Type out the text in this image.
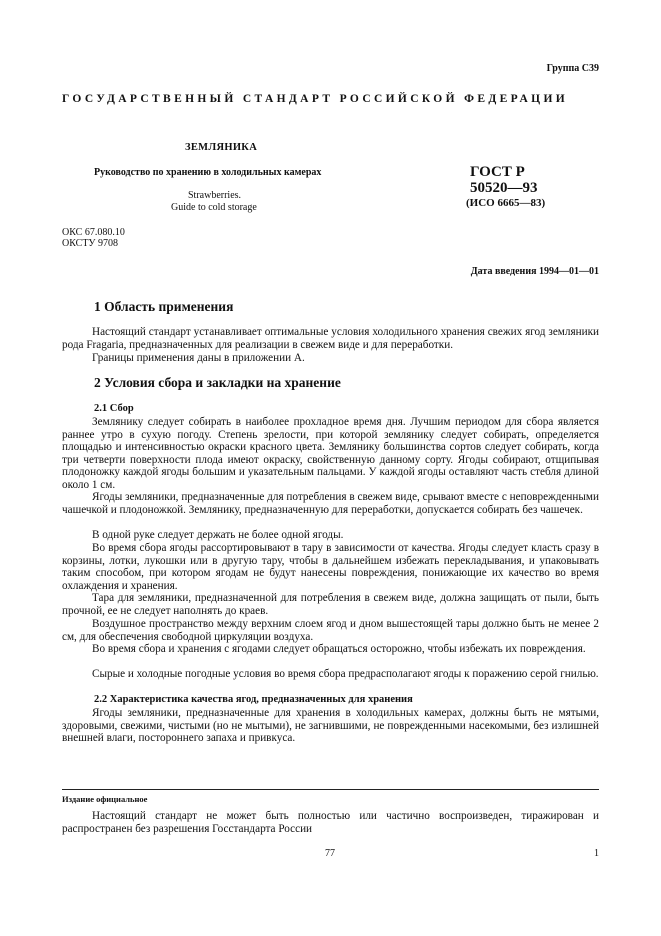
Группа С39
ГОСУДАРСТВЕННЫЙ СТАНДАРТ РОССИЙСКОЙ ФЕДЕРАЦИИ
ЗЕМЛЯНИКА
Руководство по хранению в холодильных камерах
Strawberries.
Guide to cold storage
ГОСТ Р
50520—93
(ИСО 6665—83)
ОКС 67.080.10
ОКСТУ 9708
Дата введения 1994—01—01
1 Область применения
Настоящий стандарт устанавливает оптимальные условия холодильного хранения свежих ягод земляники рода Fragaria, предназначенных для реализации в свежем виде и для переработки.
Границы применения даны в приложении А.
2 Условия сбора и закладки на хранение
2.1 Сбор
Землянику следует собирать в наиболее прохладное время дня. Лучшим периодом для сбора является раннее утро в сухую погоду. Степень зрелости, при которой землянику следует собирать, определяется площадью и интенсивностью окраски красного цвета. Землянику большинства сортов следует собирать, когда три четверти поверхности плода имеют окраску, свойственную данному сорту. Ягоды собирают, отщипывая плодоножку каждой ягоды большим и указательным пальцами. У каждой ягоды оставляют часть стебля длиной около 1 см.
Ягоды земляники, предназначенные для потребления в свежем виде, срывают вместе с неповрежденными чашечкой и плодоножкой. Землянику, предназначенную для переработки, допускается собирать без чашечек.
В одной руке следует держать не более одной ягоды.
Во время сбора ягоды рассортировывают в тару в зависимости от качества. Ягоды следует класть сразу в корзины, лотки, лукошки или в другую тару, чтобы в дальнейшем избежать перекладывания, и упаковывать таким способом, при котором ягодам не будут нанесены повреждения, понижающие их качество во время охлаждения и хранения.
Тара для земляники, предназначенной для потребления в свежем виде, должна защищать от пыли, быть прочной, ее не следует наполнять до краев.
Воздушное пространство между верхним слоем ягод и дном вышестоящей тары должно быть не менее 2 см, для обеспечения свободной циркуляции воздуха.
Во время сбора и хранения с ягодами следует обращаться осторожно, чтобы избежать их повреждения.
Сырые и холодные погодные условия во время сбора предрасполагают ягоды к поражению серой гнилью.
2.2 Характеристика качества ягод, предназначенных для хранения
Ягоды земляники, предназначенные для хранения в холодильных камерах, должны быть не мятыми, здоровыми, свежими, чистыми (но не мытыми), не загнившими, не поврежденными насекомыми, без излишней внешней влаги, постороннего запаха и привкуса.
Издание официальное
Настоящий стандарт не может быть полностью или частично воспроизведен, тиражирован и распространен без разрешения Госстандарта России
77	1
